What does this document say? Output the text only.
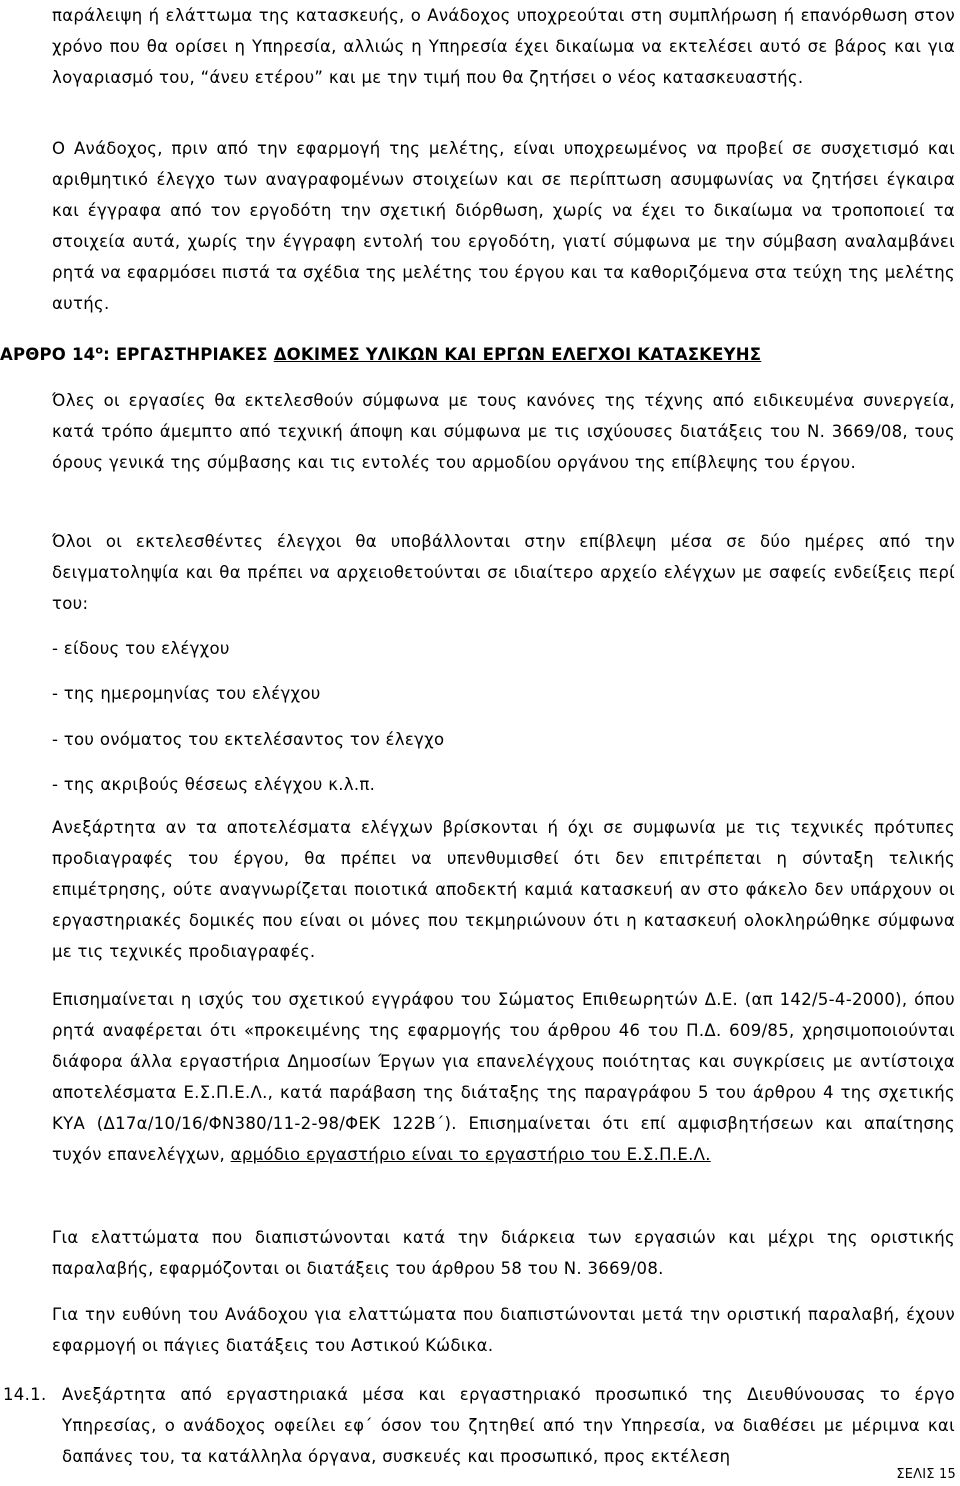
παράλειψη ή ελάττωμα της κατασκευής, ο Ανάδοχος υποχρεούται στη συμπλήρωση ή επανόρθωση στον χρόνο που θα ορίσει η Υπηρεσία, αλλιώς η Υπηρεσία έχει δικαίωμα να εκτελέσει αυτό σε βάρος και για λογαριασμό του, “άνευ ετέρου” και με την τιμή που θα ζητήσει ο νέος κατασκευαστής.

Ο Ανάδοχος, πριν από την εφαρμογή της μελέτης, είναι υποχρεωμένος να προβεί σε συσχετισμό και αριθμητικό έλεγχο των αναγραφομένων στοιχείων και σε περίπτωση ασυμφωνίας να ζητήσει έγκαιρα και έγγραφα από τον εργοδότη την σχετική διόρθωση, χωρίς να έχει το δικαίωμα να τροποποιεί τα στοιχεία αυτά, χωρίς την έγγραφη εντολή του εργοδότη, γιατί σύμφωνα με την σύμβαση αναλαμβάνει ρητά να εφαρμόσει πιστά τα σχέδια της μελέτης του έργου και τα καθοριζόμενα στα τεύχη της μελέτης αυτής.

ΑΡΘΡΟ $14^o$: ΕΡΓΑΣΤΗΡΙΑΚΕΣ ΔΟΚΙΜΕΣ ΥΛΙΚΩΝ ΚΑΙ ΕΡΓΩΝ ΕΛΕΓΧΟΙ ΚΑΤΑΣΚΕΥΗΣ

Όλες οι εργασίες θα εκτελεσθούν σύμφωνα με τους κανόνες της τέχνης από ειδικευμένα συνεργεία, κατά τρόπο άμεμπτο από τεχνική άποψη και σύμφωνα με τις ισχύουσες διατάξεις του Ν. 3669/08, τους όρους γενικά της σύμβασης και τις εντολές του αρμοδίου οργάνου της επίβλεψης του έργου.

Όλοι οι εκτελεσθέντες έλεγχοι θα υποβάλλονται στην επίβλεψη μέσα σε δύο ημέρες από την δειγματοληψία και θα πρέπει να αρχειοθετούνται σε ιδιαίτερο αρχείο ελέγχων με σαφείς ενδείξεις περί του:

- είδους του ελέγχου

- της ημερομηνίας του ελέγχου

- του ονόματος του εκτελέσαντος τον έλεγχο

- της ακριβούς θέσεως ελέγχου κ.λ.π.

Ανεξάρτητα αν τα αποτελέσματα ελέγχων βρίσκονται ή όχι σε συμφωνία με τις τεχνικές πρότυπες προδιαγραφές του έργου, θα πρέπει να υπενθυμισθεί ότι δεν επιτρέπεται η σύνταξη τελικής επιμέτρησης, ούτε αναγνωρίζεται ποιοτικά αποδεκτή καμιά κατασκευή αν στο φάκελο δεν υπάρχουν οι εργαστηριακές δομικές που είναι οι μόνες που τεκμηριώνουν ότι η κατασκευή ολοκληρώθηκε σύμφωνα με τις τεχνικές προδιαγραφές.

Επισημαίνεται η ισχύς του σχετικού εγγράφου του Σώματος Επιθεωρητών Δ.Ε. (απ 142/5-4-2000), όπου ρητά αναφέρεται ότι «προκειμένης της εφαρμογής του άρθρου 46 του Π.Δ. 609/85, χρησιμοποιούνται διάφορα άλλα εργαστήρια Δημοσίων Έργων για επανελέγχους ποιότητας και συγκρίσεις με αντίστοιχα αποτελέσματα Ε.Σ.Π.Ε.Λ., κατά παράβαση της διάταξης της παραγράφου 5 του άρθρου 4 της σχετικής ΚΥΑ (Δ17α/10/16/ΦΝ380/11-2-98/ΦΕΚ 122Β΄). Επισημαίνεται ότι επί αμφισβητήσεων και απαίτησης τυχόν επανελέγχων, αρμόδιο εργαστήριο είναι το εργαστήριο του Ε.Σ.Π.Ε.Λ.

Για ελαττώματα που διαπιστώνονται κατά την διάρκεια των εργασιών και μέχρι της οριστικής παραλαβής, εφαρμόζονται οι διατάξεις του άρθρου 58 του Ν. 3669/08.

Για την ευθύνη του Ανάδοχου για ελαττώματα που διαπιστώνονται μετά την οριστική παραλαβή, έχουν εφαρμογή οι πάγιες διατάξεις του Αστικού Κώδικα.

14.1. Ανεξάρτητα από εργαστηριακά μέσα και εργαστηριακό προσωπικό της Διευθύνουσας το έργο Υπηρεσίας, ο ανάδοχος οφείλει εφ΄ όσον του ζητηθεί από την Υπηρεσία, να διαθέσει με μέριμνα και δαπάνες του, τα κατάλληλα όργανα, συσκευές και προσωπικό, προς εκτέλεση

ΣΕΛΙΣ 15
